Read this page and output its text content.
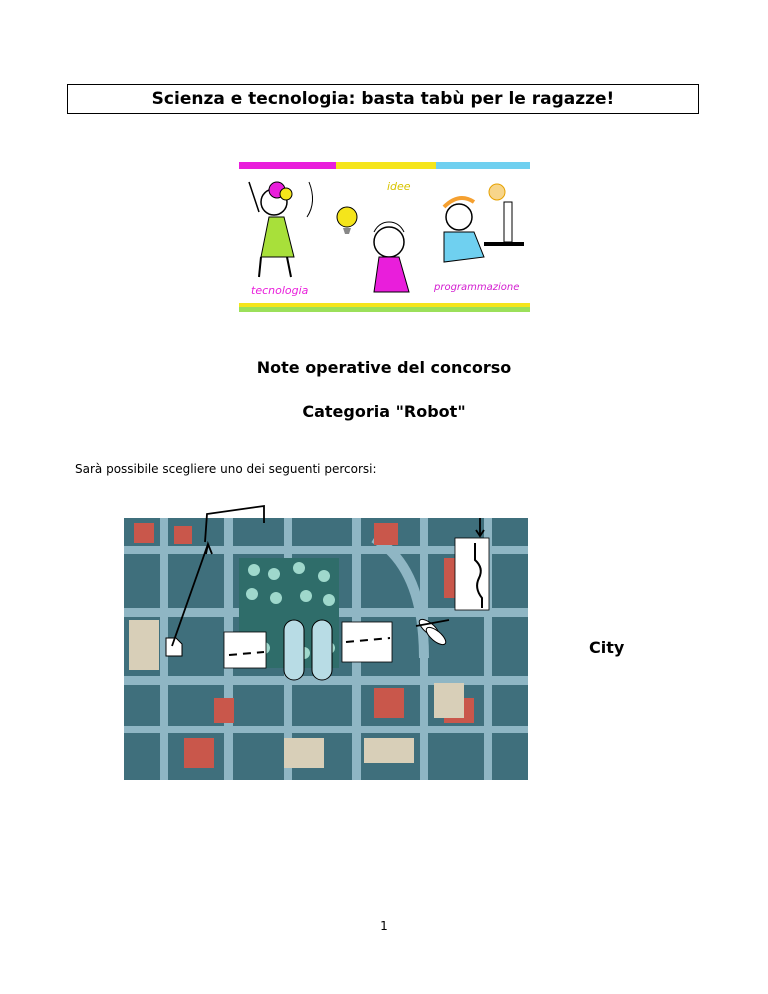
Scienza e tecnologia: basta tabù per le ragazze!
idee
tecnologia	programmazione
Note operative del concorso
Categoria "Robot"
Sarà possibile scegliere uno dei seguenti percorsi:
City
1
